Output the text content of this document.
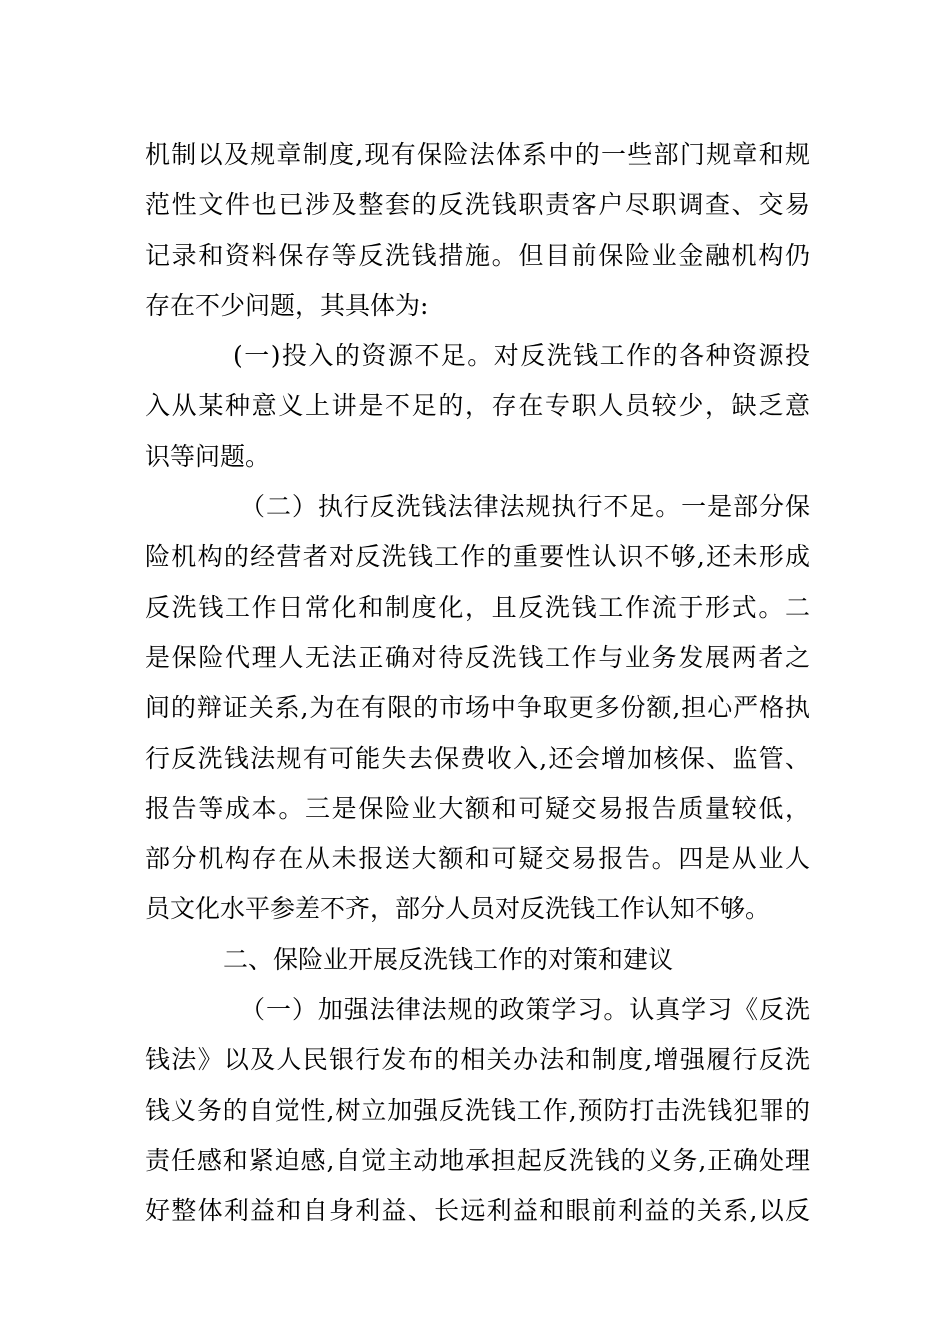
机制以及规章制度,现有保险法体系中的一些部门规章和规
范性文件也已涉及整套的反洗钱职责客户尽职调查、交易
记录和资料保存等反洗钱措施。但目前保险业金融机构仍
存在不少问题，其具体为:
(一)投入的资源不足。对反洗钱工作的各种资源投
入从某种意义上讲是不足的，存在专职人员较少，缺乏意
识等问题。
（二）执行反洗钱法律法规执行不足。一是部分保
险机构的经营者对反洗钱工作的重要性认识不够,还未形成
反洗钱工作日常化和制度化，且反洗钱工作流于形式。二
是保险代理人无法正确对待反洗钱工作与业务发展两者之
间的辩证关系,为在有限的市场中争取更多份额,担心严格执
行反洗钱法规有可能失去保费收入,还会增加核保、监管、
报告等成本。三是保险业大额和可疑交易报告质量较低，
部分机构存在从未报送大额和可疑交易报告。四是从业人
员文化水平参差不齐，部分人员对反洗钱工作认知不够。
二、保险业开展反洗钱工作的对策和建议
（一）加强法律法规的政策学习。认真学习《反洗
钱法》以及人民银行发布的相关办法和制度,增强履行反洗
钱义务的自觉性,树立加强反洗钱工作,预防打击洗钱犯罪的
责任感和紧迫感,自觉主动地承担起反洗钱的义务,正确处理
好整体利益和自身利益、长远利益和眼前利益的关系,以反
